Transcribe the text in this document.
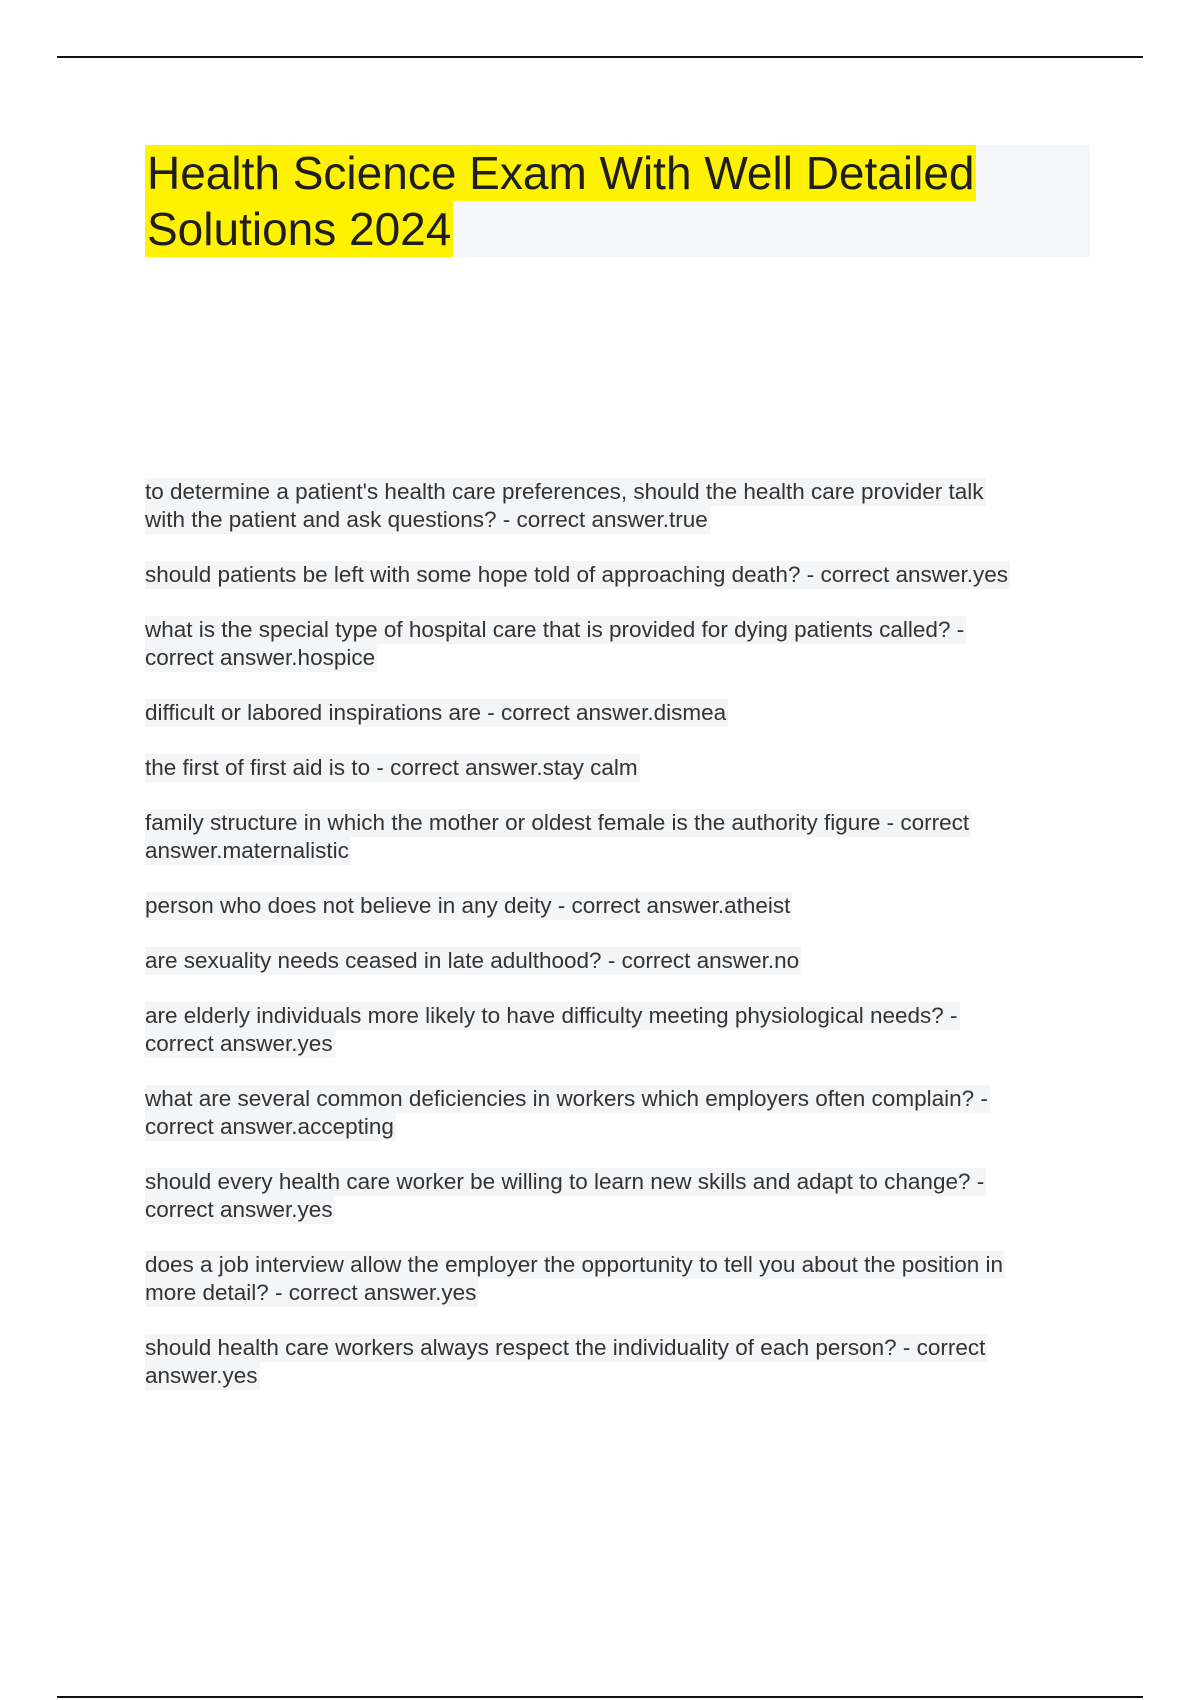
Health Science Exam With Well Detailed
Solutions 2024
to determine a patient's health care preferences, should the health care provider talk
with the patient and ask questions? - correct answer.true
should patients be left with some hope told of approaching death? - correct answer.yes
what is the special type of hospital care that is provided for dying patients called? -
correct answer.hospice
difficult or labored inspirations are - correct answer.dismea
the first of first aid is to - correct answer.stay calm
family structure in which the mother or oldest female is the authority figure - correct
answer.maternalistic
person who does not believe in any deity - correct answer.atheist
are sexuality needs ceased in late adulthood? - correct answer.no
are elderly individuals more likely to have difficulty meeting physiological needs? -
correct answer.yes
what are several common deficiencies in workers which employers often complain? -
correct answer.accepting
should every health care worker be willing to learn new skills and adapt to change? -
correct answer.yes
does a job interview allow the employer the opportunity to tell you about the position in
more detail? - correct answer.yes
should health care workers always respect the individuality of each person? - correct
answer.yes
